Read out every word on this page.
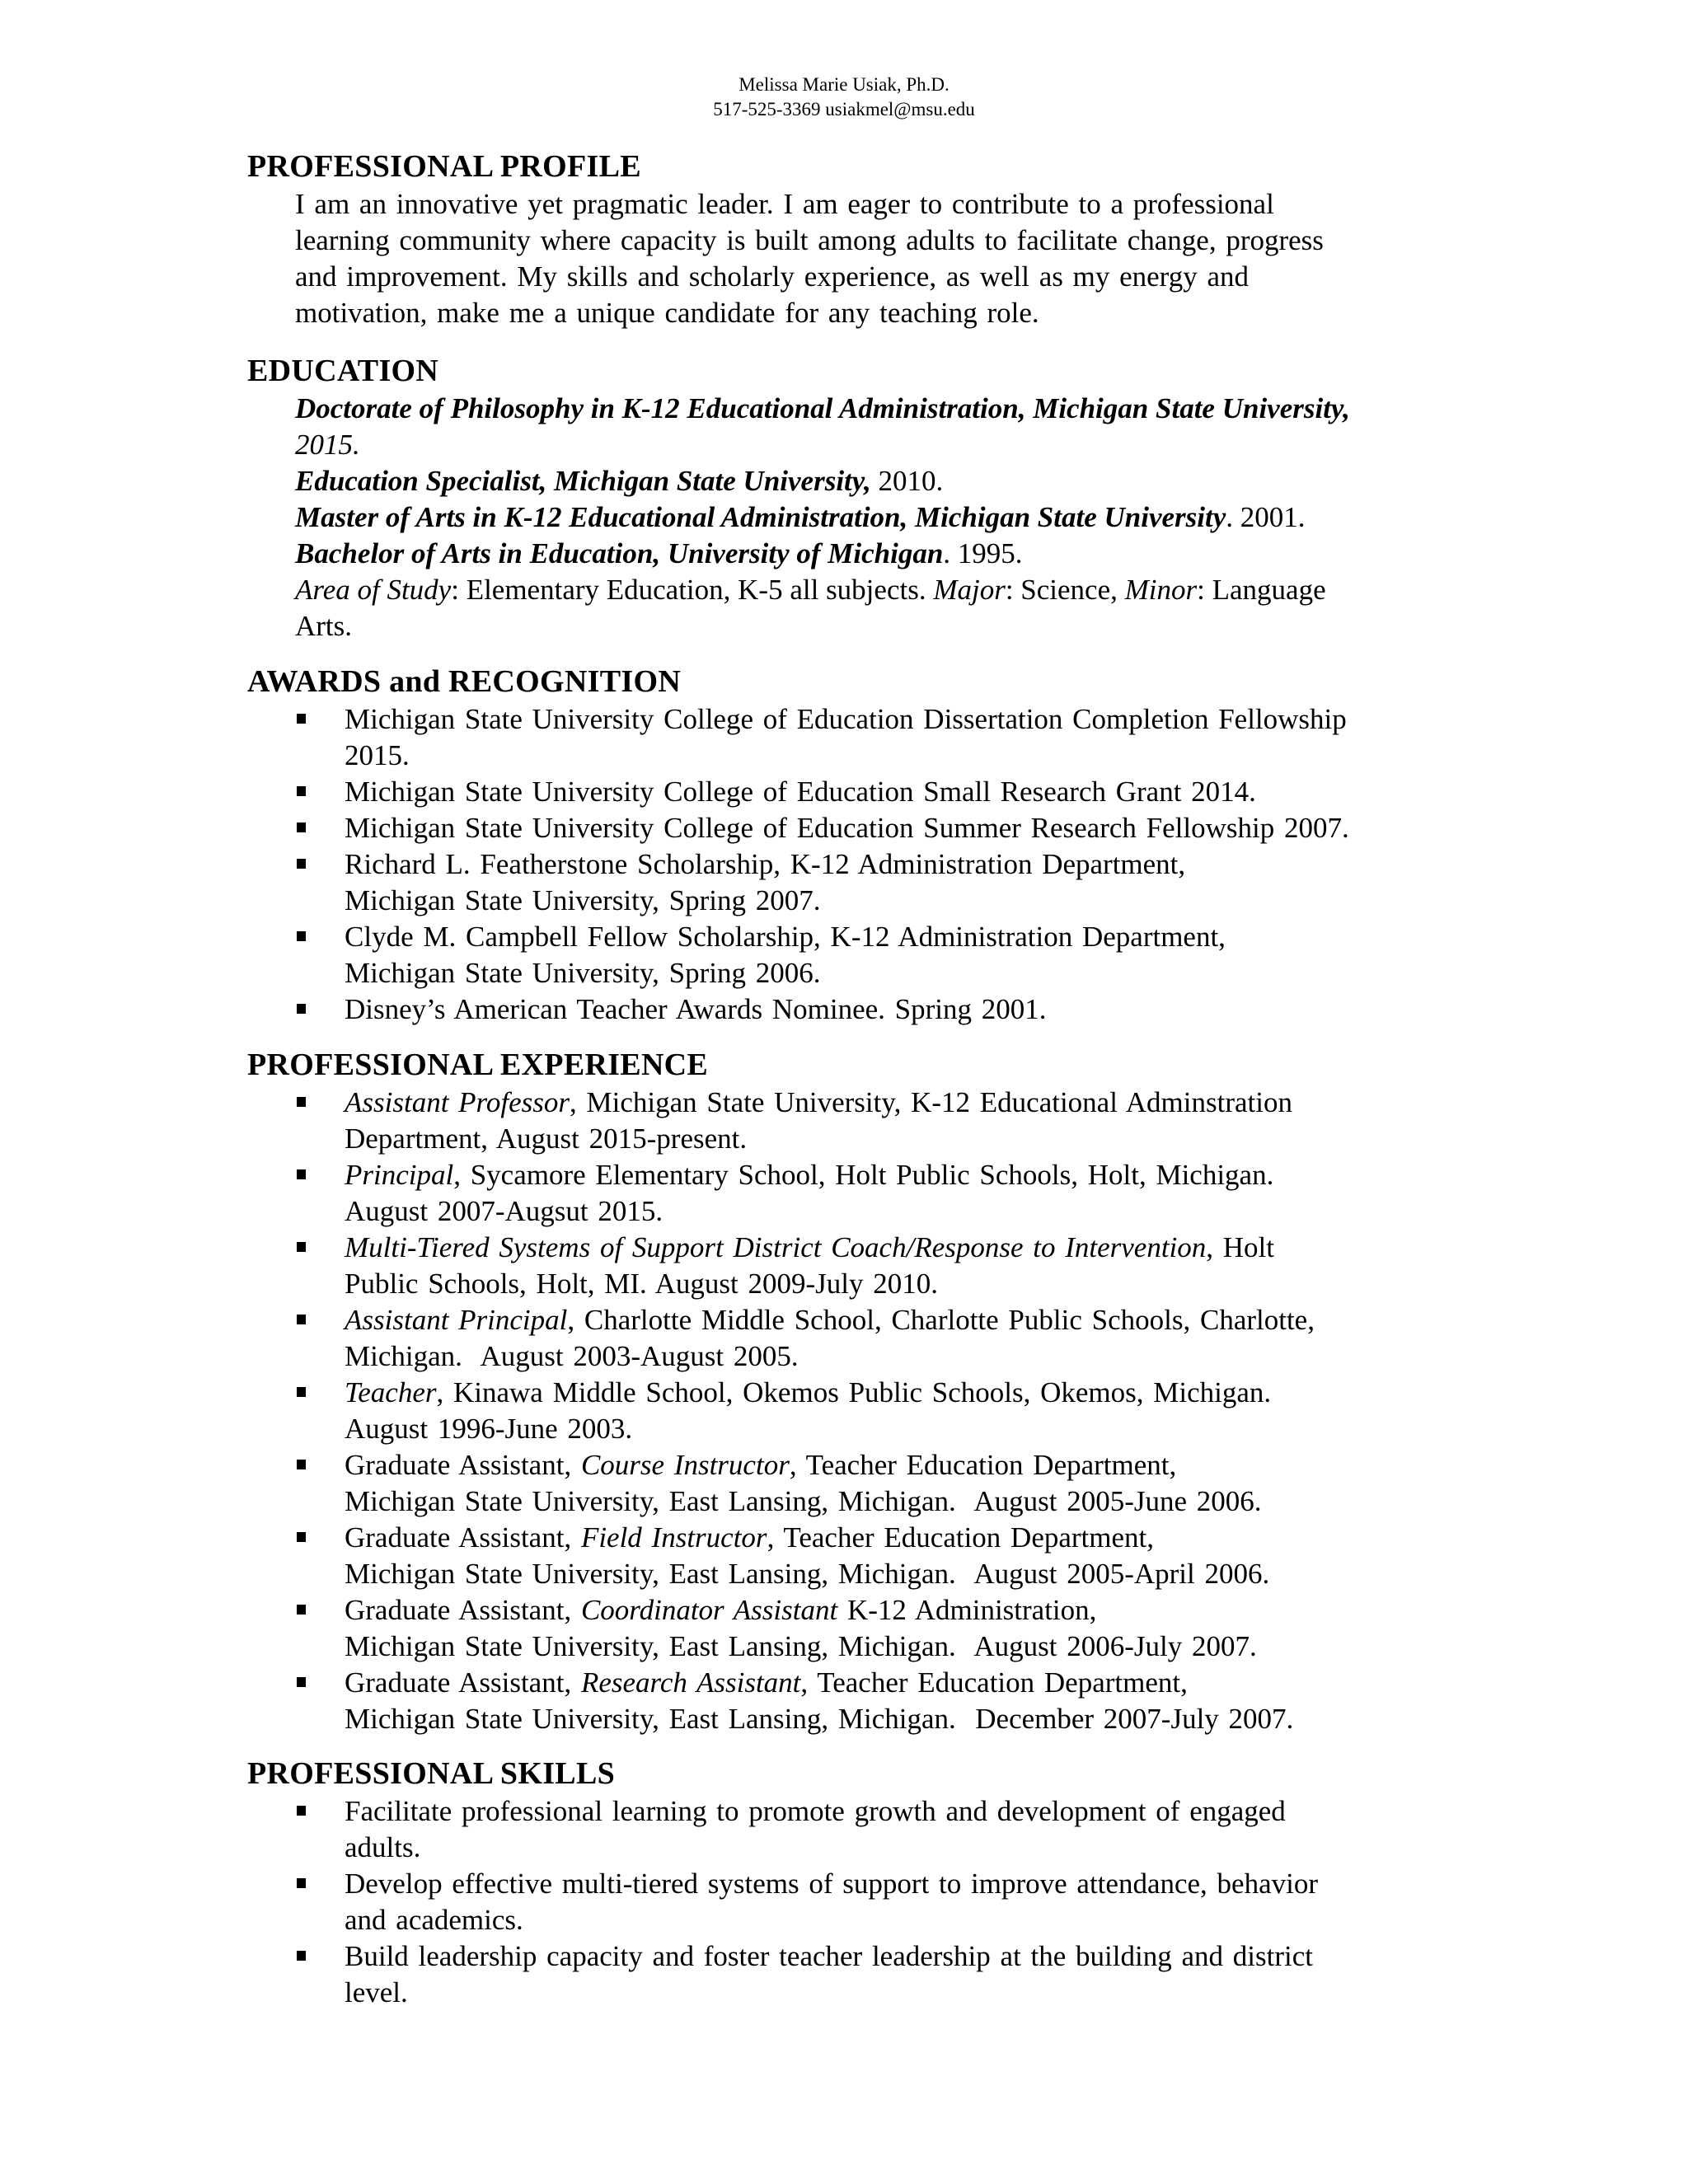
Melissa Marie Usiak, Ph.D.
517-525-3369 usiakmel@msu.edu
PROFESSIONAL PROFILE
I am an innovative yet pragmatic leader. I am eager to contribute to a professional
learning community where capacity is built among adults to facilitate change, progress
and improvement. My skills and scholarly experience, as well as my energy and
motivation, make me a unique candidate for any teaching role.
EDUCATION
Doctorate of Philosophy in K-12 Educational Administration, Michigan State University,
2015.
Education Specialist, Michigan State University, 2010.
Master of Arts in K-12 Educational Administration, Michigan State University. 2001.
Bachelor of Arts in Education, University of Michigan. 1995.
Area of Study: Elementary Education, K-5 all subjects. Major: Science, Minor: Language
Arts.
AWARDS and RECOGNITION
Michigan State University College of Education Dissertation Completion Fellowship
2015.
Michigan State University College of Education Small Research Grant 2014.
Michigan State University College of Education Summer Research Fellowship 2007.
Richard L. Featherstone Scholarship, K-12 Administration Department,
Michigan State University, Spring 2007.
Clyde M. Campbell Fellow Scholarship, K-12 Administration Department,
Michigan State University, Spring 2006.
Disney’s American Teacher Awards Nominee. Spring 2001.
PROFESSIONAL EXPERIENCE
Assistant Professor, Michigan State University, K-12 Educational Adminstration
Department, August 2015-present.
Principal, Sycamore Elementary School, Holt Public Schools, Holt, Michigan.
August 2007-Augsut 2015.
Multi-Tiered Systems of Support District Coach/Response to Intervention, Holt
Public Schools, Holt, MI. August 2009-July 2010.
Assistant Principal, Charlotte Middle School, Charlotte Public Schools, Charlotte,
Michigan.  August 2003-August 2005.
Teacher, Kinawa Middle School, Okemos Public Schools, Okemos, Michigan.
August 1996-June 2003.
Graduate Assistant, Course Instructor, Teacher Education Department,
Michigan State University, East Lansing, Michigan.  August 2005-June 2006.
Graduate Assistant, Field Instructor, Teacher Education Department,
Michigan State University, East Lansing, Michigan.  August 2005-April 2006.
Graduate Assistant, Coordinator Assistant K-12 Administration,
Michigan State University, East Lansing, Michigan.  August 2006-July 2007.
Graduate Assistant, Research Assistant, Teacher Education Department,
Michigan State University, East Lansing, Michigan.  December 2007-July 2007.
PROFESSIONAL SKILLS
Facilitate professional learning to promote growth and development of engaged
adults.
Develop effective multi-tiered systems of support to improve attendance, behavior
and academics.
Build leadership capacity and foster teacher leadership at the building and district
level.
